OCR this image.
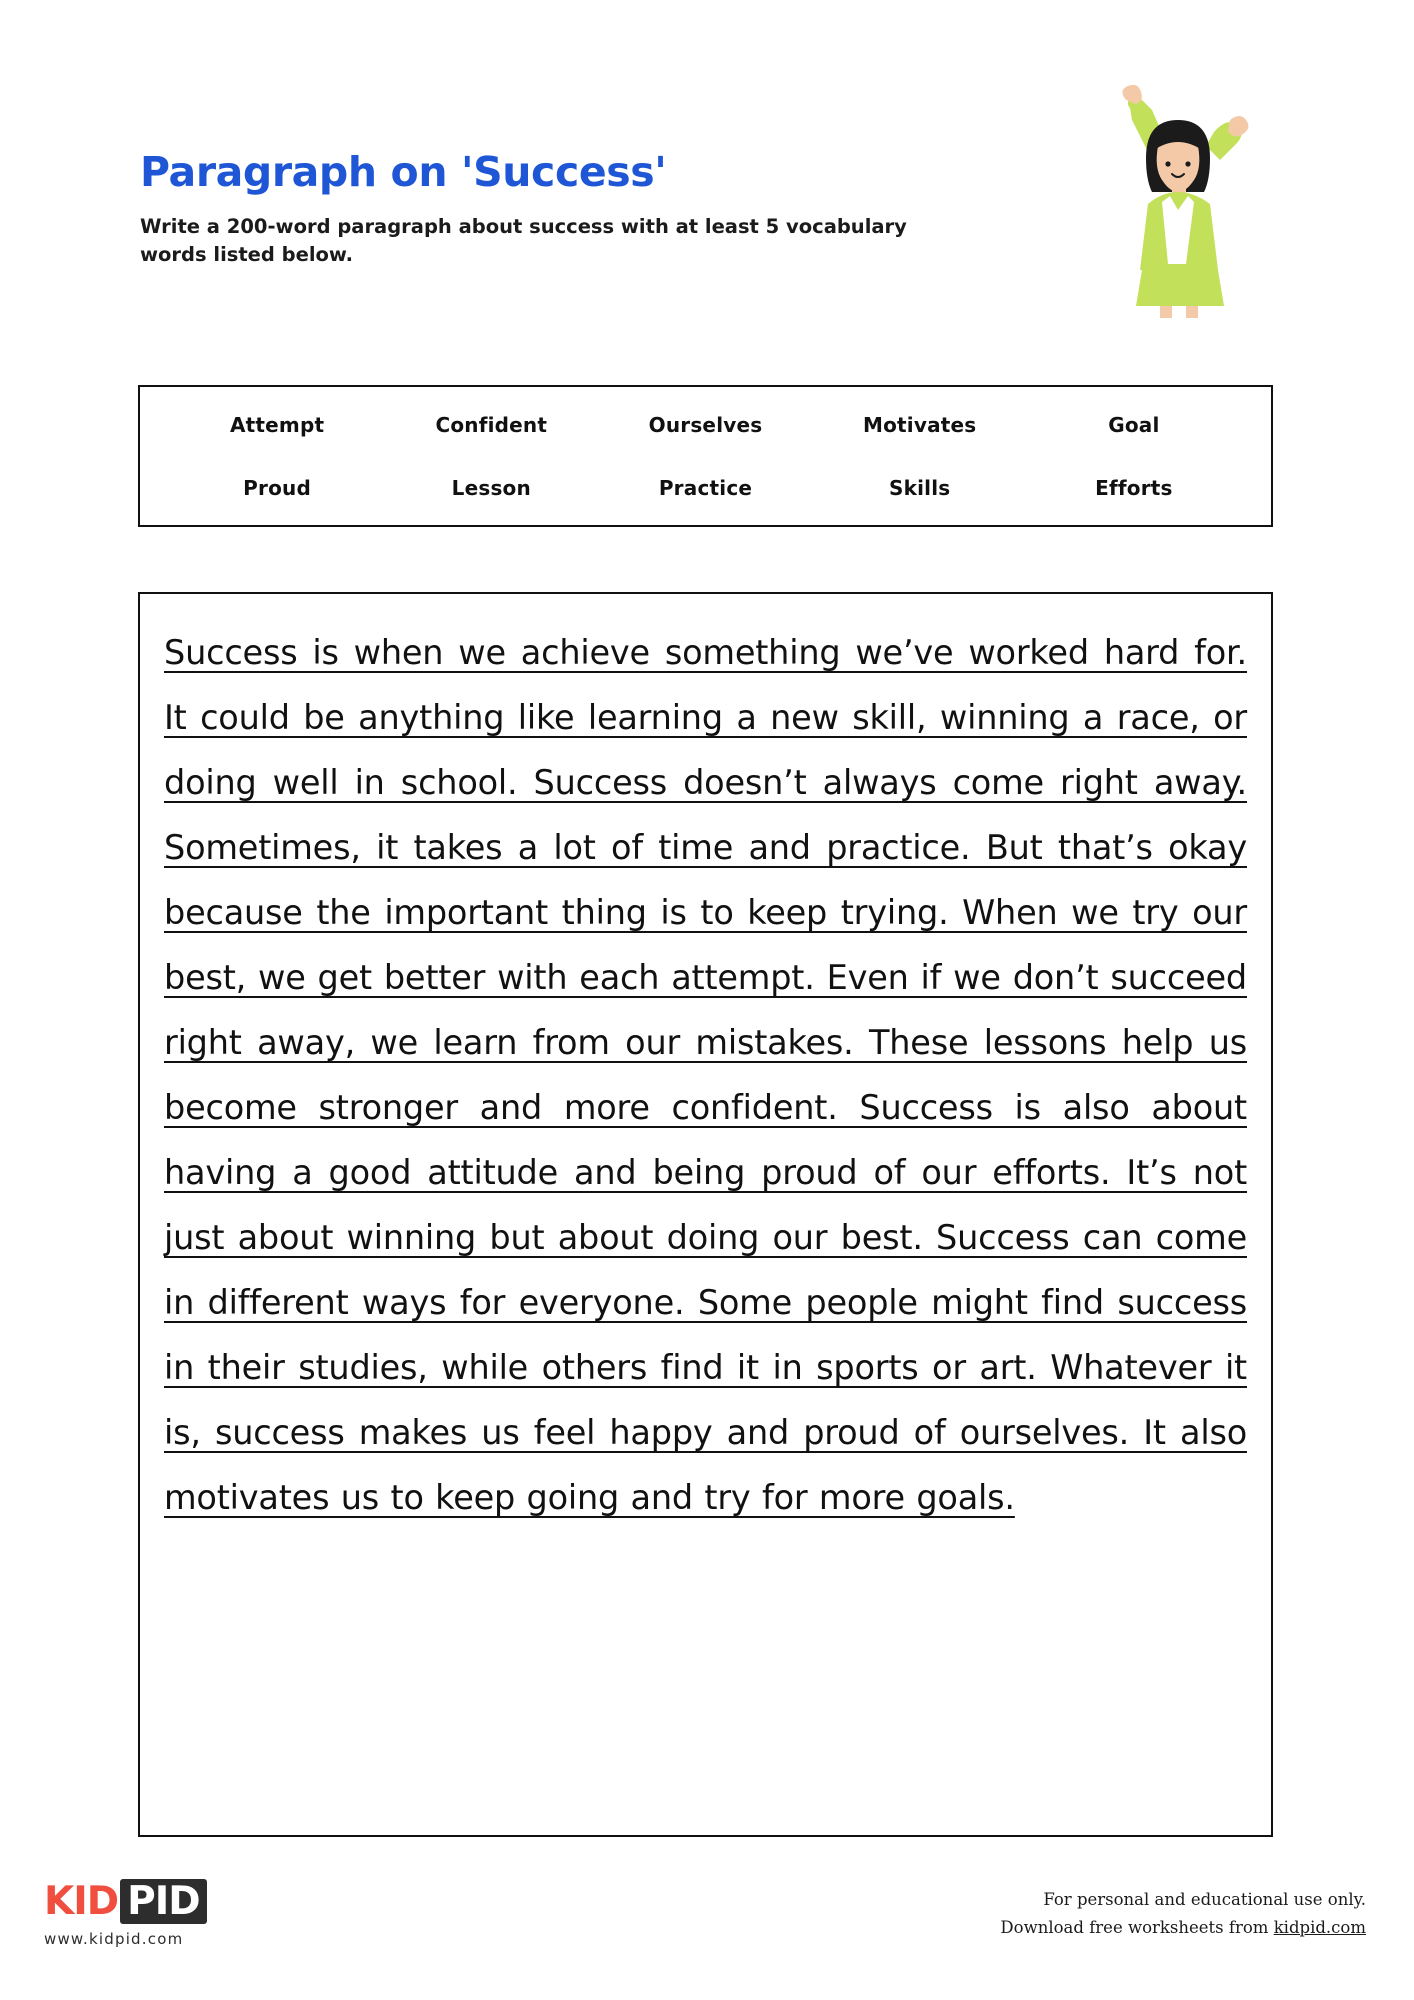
Paragraph on 'Success'

Write a 200-word paragraph about success with at least 5 vocabulary words listed below.

Attempt	Confident	Ourselves	Motivates	Goal
Proud	Lesson	Practice	Skills	Efforts

Success is when we achieve something we’ve worked hard for. It could be anything like learning a new skill, winning a race, or doing well in school. Success doesn’t always come right away. Sometimes, it takes a lot of time and practice. But that’s okay because the important thing is to keep trying. When we try our best, we get better with each attempt. Even if we don’t succeed right away, we learn from our mistakes. These lessons help us become stronger and more confident. Success is also about having a good attitude and being proud of our efforts. It’s not just about winning but about doing our best. Success can come in different ways for everyone. Some people might find success in their studies, while others find it in sports or art. Whatever it is, success makes us feel happy and proud of ourselves. It also motivates us to keep going and try for more goals.

KID PID
www.kidpid.com
For personal and educational use only.
Download free worksheets from kidpid.com
